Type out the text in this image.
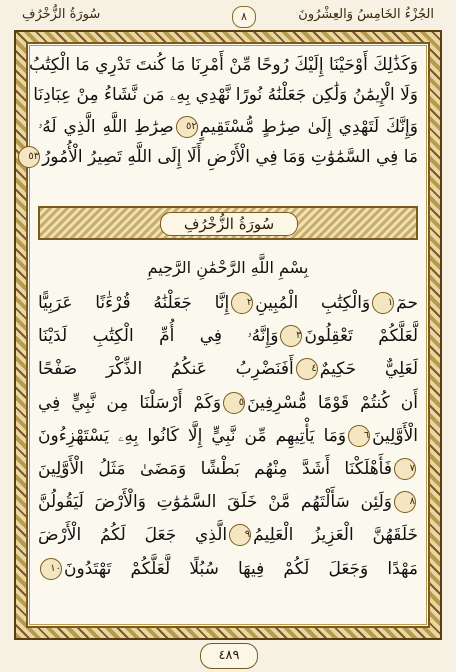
الجُزْءُ الخَامِسُ وَالعِشْرُونَ
٨
سُورَةُ الزُّخْرُفِ
وَكَذَٰلِكَ أَوْحَيْنَا إِلَيْكَ رُوحًا مِّنْ أَمْرِنَا مَا كُنتَ تَدْرِي مَا الْكِتَٰبُ
وَلَا الْإِيمَٰنُ وَلَٰكِن جَعَلْنَٰهُ نُورًا نَّهْدِي بِهِۦ مَن نَّشَاءُ مِنْ عِبَادِنَا
وَإِنَّكَ لَتَهْدِي إِلَىٰ صِرَٰطٍ مُّسْتَقِيمٍ٥٢صِرَٰطِ اللَّهِ الَّذِي لَهُۥ
مَا فِي السَّمَٰوَٰتِ وَمَا فِي الْأَرْضِ أَلَا إِلَى اللَّهِ تَصِيرُ الْأُمُورُ٥٣
سُورَةُ الزُّخْرُفِ
بِسْمِ اللَّهِ الرَّحْمَٰنِ الرَّحِيمِ
حمٓ١وَالْكِتَٰبِ الْمُبِينِ٢إِنَّا جَعَلْنَٰهُ قُرْءَٰنًا عَرَبِيًّا
لَّعَلَّكُمْ تَعْقِلُونَ٣وَإِنَّهُۥ فِي أُمِّ الْكِتَٰبِ لَدَيْنَا
لَعَلِيٌّ حَكِيمٌ٤أَفَنَضْرِبُ عَنكُمُ الذِّكْرَ صَفْحًا
أَن كُنتُمْ قَوْمًا مُّسْرِفِينَ٥وَكَمْ أَرْسَلْنَا مِن نَّبِيٍّ فِي
الْأَوَّلِينَ٦وَمَا يَأْتِيهِم مِّن نَّبِيٍّ إِلَّا كَانُوا بِهِۦ يَسْتَهْزِءُونَ
٧فَأَهْلَكْنَا أَشَدَّ مِنْهُم بَطْشًا وَمَضَىٰ مَثَلُ الْأَوَّلِينَ
٨وَلَئِن سَأَلْتَهُم مَّنْ خَلَقَ السَّمَٰوَٰتِ وَالْأَرْضَ لَيَقُولُنَّ
خَلَقَهُنَّ الْعَزِيزُ الْعَلِيمُ٩الَّذِي جَعَلَ لَكُمُ الْأَرْضَ
مَهْدًا وَجَعَلَ لَكُمْ فِيهَا سُبُلًا لَّعَلَّكُمْ تَهْتَدُونَ١٠
٤٨٩
